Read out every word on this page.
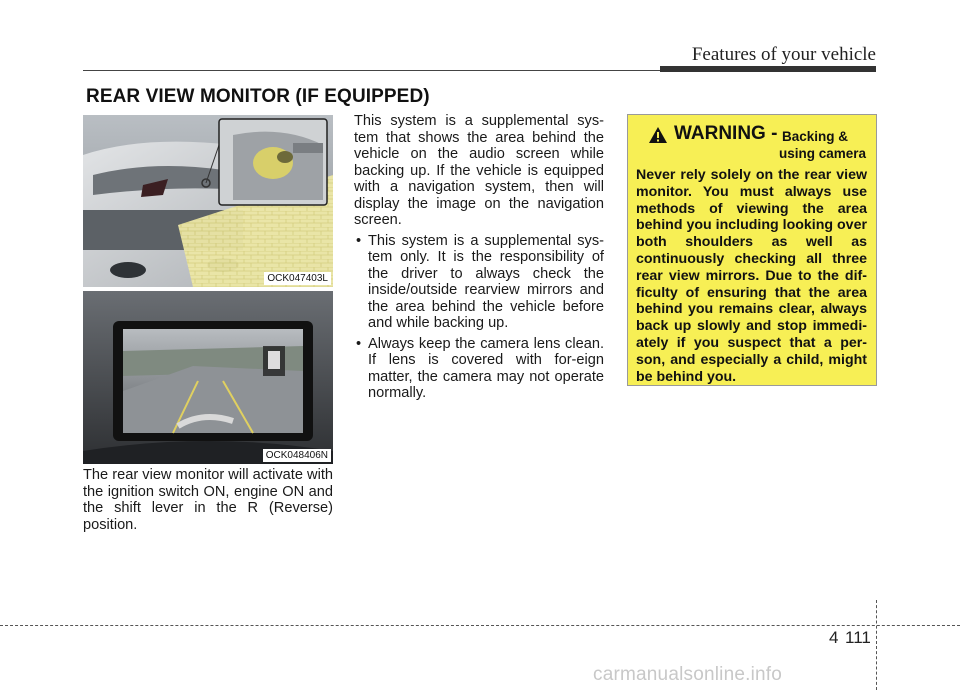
Features of your vehicle
REAR VIEW MONITOR (IF EQUIPPED)
OCK047403L
OCK048406N
The rear view monitor will activate with the ignition switch ON, engine ON and the shift lever in the R (Reverse) position.

This system is a supplemental sys-tem that shows the area behind the vehicle on the audio screen while backing up. If the vehicle is equipped with a navigation system, then will display the image on the navigation screen.

• This system is a supplemental sys-tem only. It is the responsibility of the driver to always check the inside/outside rearview mirrors and the area behind the vehicle before and while backing up.
• Always keep the camera lens clean. If lens is covered with for-eign matter, the camera may not operate normally.
WARNING - Backing &
using camera
Never rely solely on the rear view monitor. You must always use methods of viewing the area behind you including looking over both shoulders as well as continuously checking all three rear view mirrors. Due to the dif-ficulty of ensuring that the area behind you remains clear, always back up slowly and stop immedi-ately if you suspect that a per-son, and especially a child, might be behind you.
4 111
carmanualsonline.info
